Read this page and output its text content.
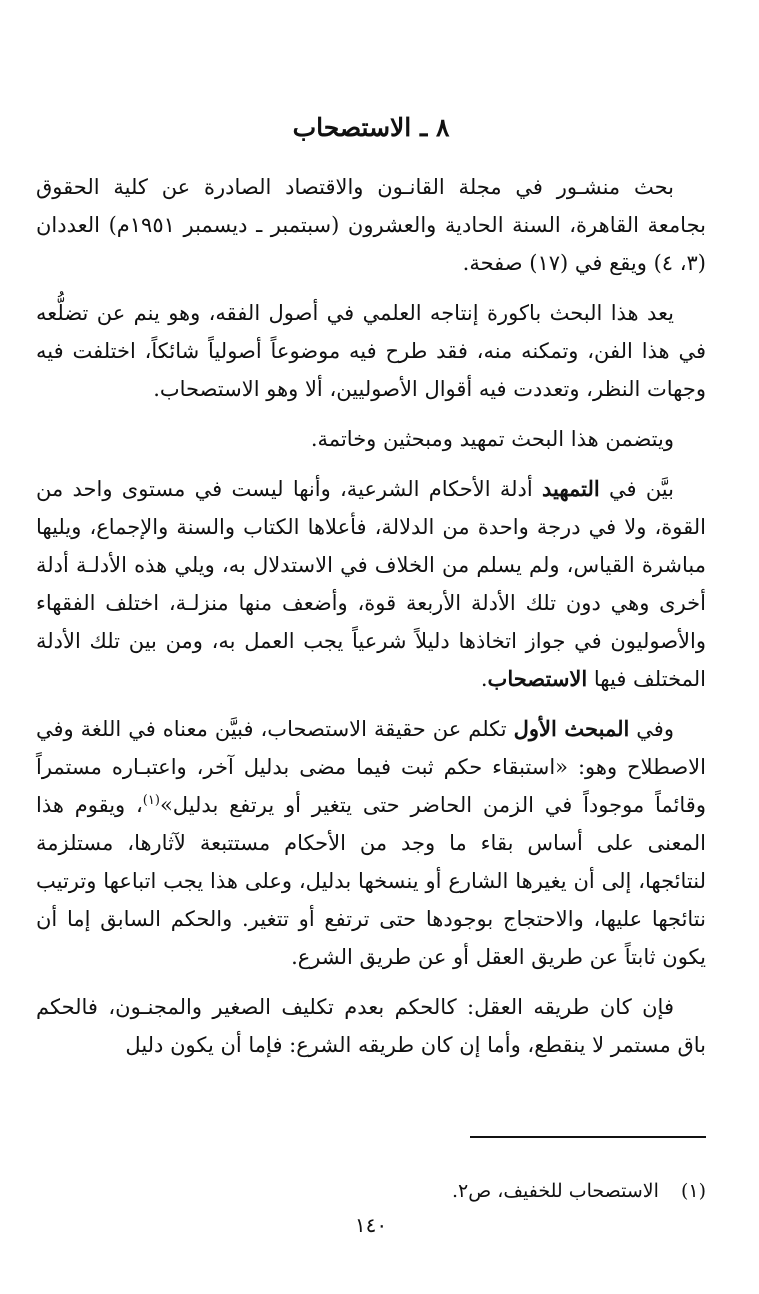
٨ ـ الاستصحاب

بحث منشـور في مجلة القانـون والاقتصاد الصادرة عن كلية الحقوق بجامعة القاهرة، السنة الحادية والعشرون (سبتمبر ـ ديسمبر ١٩٥١م) العددان (٣، ٤) ويقع في (١٧) صفحة.

يعد هذا البحث باكورة إنتاجه العلمي في أصول الفقه، وهو ينم عن تضلُّعه في هذا الفن، وتمكنه منه، فقد طرح فيه موضوعاً أصولياً شائكاً، اختلفت فيه وجهات النظر، وتعددت فيه أقوال الأصوليين، ألا وهو الاستصحاب.

ويتضمن هذا البحث تمهيد ومبحثين وخاتمة.

بيَّن في التمهيد أدلة الأحكام الشرعية، وأنها ليست في مستوى واحد من القوة، ولا في درجة واحدة من الدلالة، فأعلاها الكتاب والسنة والإجماع، ويليها مباشرة القياس، ولم يسلم من الخلاف في الاستدلال به، ويلي هذه الأدلـة أدلة أخرى وهي دون تلك الأدلة الأربعة قوة، وأضعف منها منزلـة، اختلف الفقهاء والأصوليون في جواز اتخاذها دليلاً شرعياً يجب العمل به، ومن بين تلك الأدلة المختلف فيها الاستصحاب.

وفي المبحث الأول تكلم عن حقيقة الاستصحاب، فبيَّن معناه في اللغة وفي الاصطلاح وهو: «استبقاء حكم ثبت فيما مضى بدليل آخر، واعتبـاره مستمراً وقائماً موجوداً في الزمن الحاضر حتى يتغير أو يرتفع بدليل»$^{(١)}$، ويقوم هذا المعنى على أساس بقاء ما وجد من الأحكام مستتبعة لآثارها، مستلزمة لنتائجها، إلى أن يغيرها الشارع أو ينسخها بدليل، وعلى هذا يجب اتباعها وترتيب نتائجها عليها، والاحتجاج بوجودها حتى ترتفع أو تتغير. والحكم السابق إما أن يكون ثابتاً عن طريق العقل أو عن طريق الشرع.

فإن كان طريقه العقل: كالحكم بعدم تكليف الصغير والمجنـون، فالحكم باق مستمر لا ينقطع، وأما إن كان طريقه الشرع: فإما أن يكون دليل

(١)الاستصحاب للخفيف، ص٢.
١٤٠
